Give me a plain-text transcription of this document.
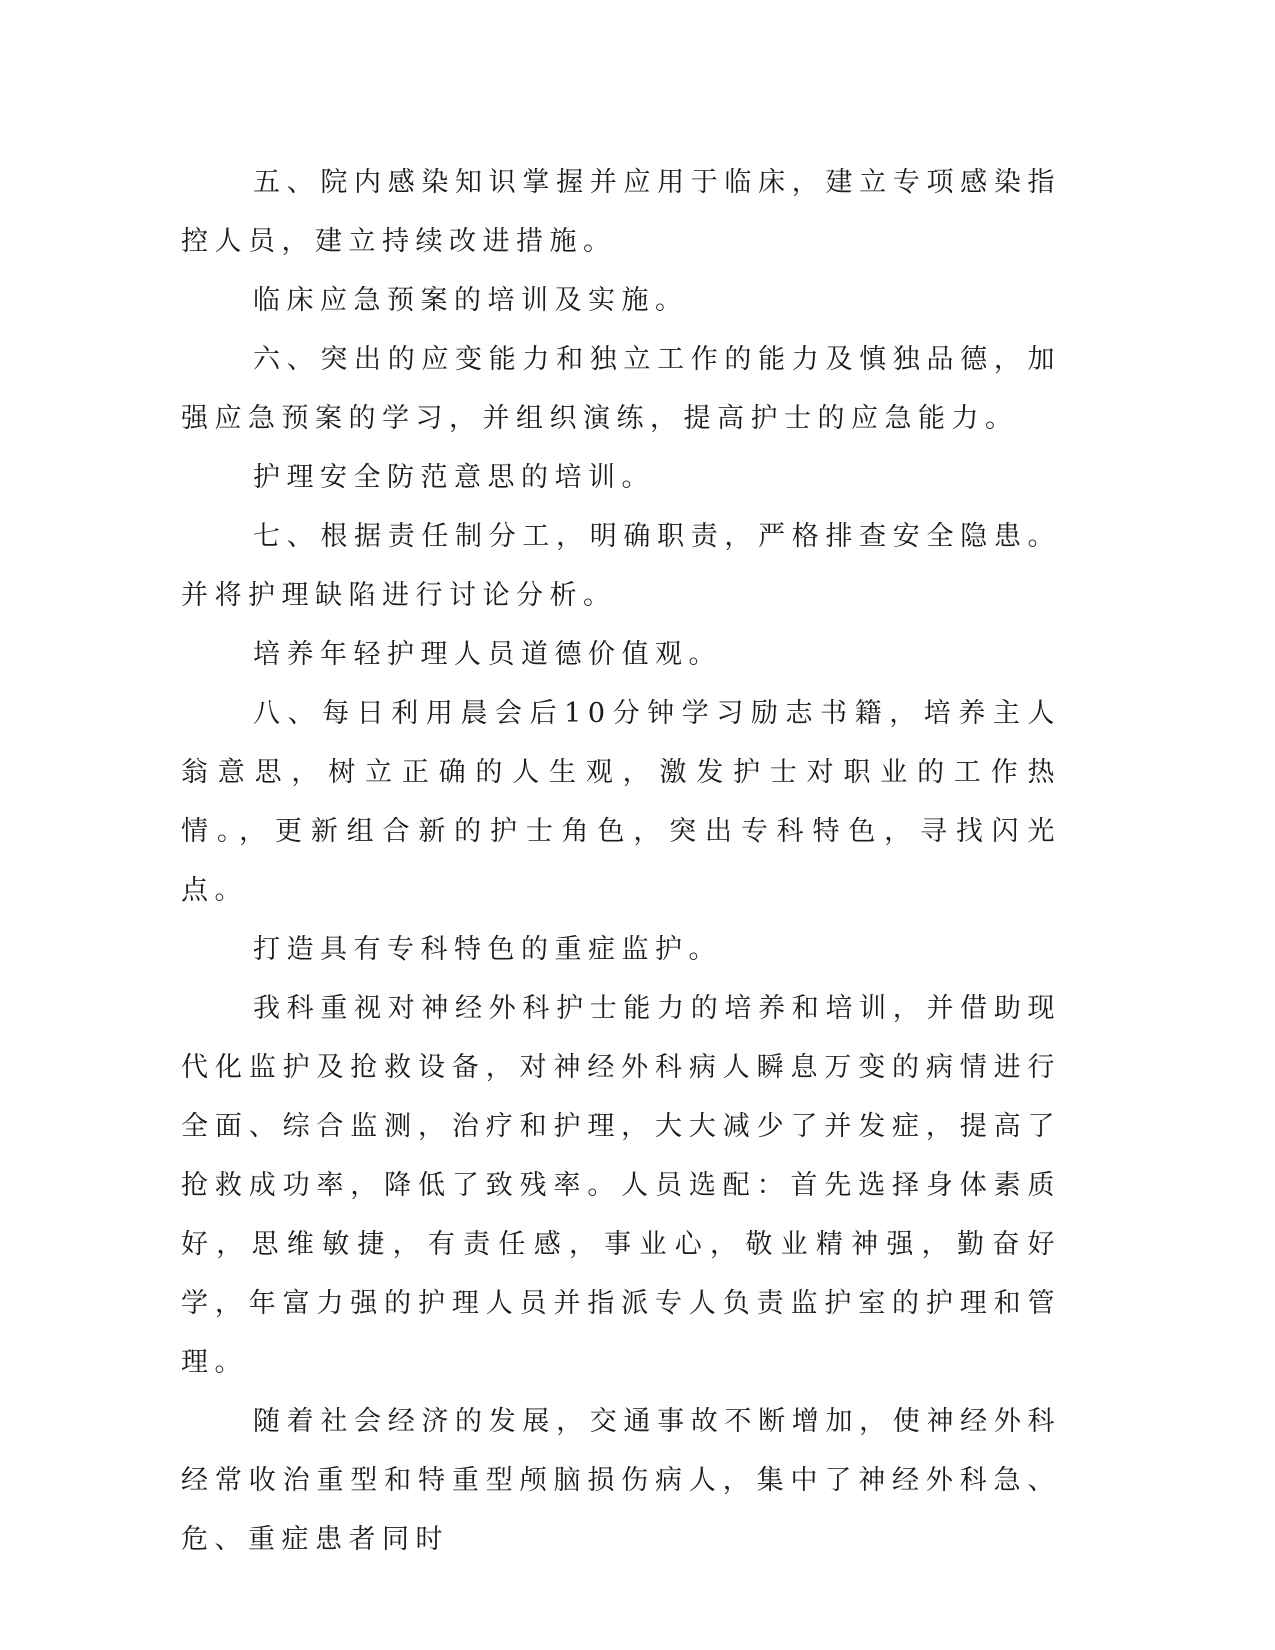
五、院内感染知识掌握并应用于临床，建立专项感染指控人员，建立持续改进措施。

临床应急预案的培训及实施。

六、突出的应变能力和独立工作的能力及慎独品德，加强应急预案的学习，并组织演练，提高护士的应急能力。

护理安全防范意思的培训。

七、根据责任制分工，明确职责，严格排查安全隐患。并将护理缺陷进行讨论分析。

培养年轻护理人员道德价值观。

八、每日利用晨会后10分钟学习励志书籍，培养主人翁意思，树立正确的人生观，激发护士对职业的工作热情。，更新组合新的护士角色，突出专科特色，寻找闪光点。

打造具有专科特色的重症监护。

我科重视对神经外科护士能力的培养和培训，并借助现代化监护及抢救设备，对神经外科病人瞬息万变的病情进行全面、综合监测，治疗和护理，大大减少了并发症，提高了抢救成功率，降低了致残率。人员选配：首先选择身体素质好，思维敏捷，有责任感，事业心，敬业精神强，勤奋好学，年富力强的护理人员并指派专人负责监护室的护理和管理。

随着社会经济的发展，交通事故不断增加，使神经外科经常收治重型和特重型颅脑损伤病人，集中了神经外科急、危、重症患者同时
